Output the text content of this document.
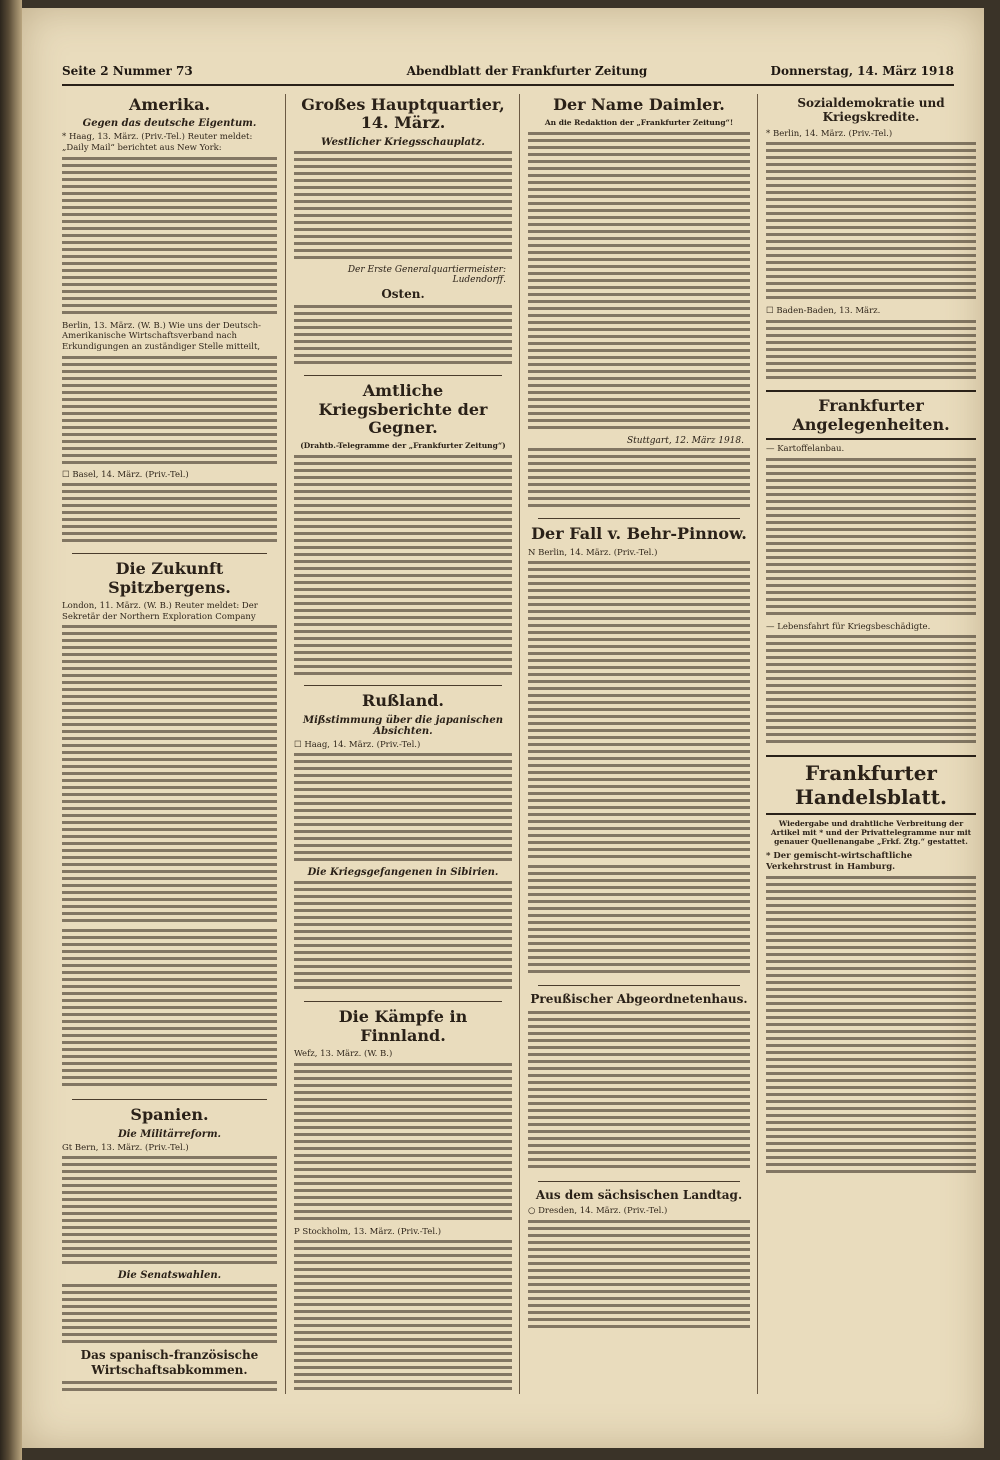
Seite 2 Nummer 73	Abendblatt der Frankfurter Zeitung	Donnerstag, 14. März 1918
Amerika.
Gegen das deutsche Eigentum.
* Haag, 13. März. (Priv.-Tel.) Reuter meldet: „Daily Mail“ berichtet aus New York:
Berlin, 13. März. (W. B.) Wie uns der Deutsch-Amerikanische Wirtschaftsverband nach Erkundigungen an zuständiger Stelle mitteilt,
☐ Basel, 14. März. (Priv.-Tel.)
Die Zukunft Spitzbergens.
London, 11. März. (W. B.) Reuter meldet: Der Sekretär der Northern Exploration Company
Spanien.
Die Militärreform.
Gt Bern, 13. März. (Priv.-Tel.)
Die Senatswahlen.
Das spanisch-französische Wirtschaftsabkommen.
Großes Hauptquartier, 14. März.
Westlicher Kriegsschauplatz.
Der Erste Generalquartiermeister: Ludendorff.
Osten.
Amtliche Kriegsberichte der Gegner.
(Drahtb.-Telegramme der „Frankfurter Zeitung“)
Rußland.
Mißstimmung über die japanischen Absichten.
☐ Haag, 14. März. (Priv.-Tel.)
Die Kriegsgefangenen in Sibirien.
Die Kämpfe in Finnland.
Wefz, 13. März. (W. B.)
P Stockholm, 13. März. (Priv.-Tel.)
Der Name Daimler.
An die Redaktion der „Frankfurter Zeitung“!
Stuttgart, 12. März 1918.
Der Fall v. Behr-Pinnow.
N Berlin, 14. März. (Priv.-Tel.)
Preußischer Abgeordnetenhaus.
Aus dem sächsischen Landtag.
○ Dresden, 14. März. (Priv.-Tel.)
Sozialdemokratie und Kriegskredite.
* Berlin, 14. März. (Priv.-Tel.)
☐ Baden-Baden, 13. März.
Frankfurter Angelegenheiten.
— Kartoffelanbau.
— Lebensfahrt für Kriegsbeschädigte.
Frankfurter Handelsblatt.
Wiedergabe und drahtliche Verbreitung der Artikel mit * und der Privattelegramme nur mit genauer Quellenangabe „Frkf. Ztg.“ gestattet.
* Der gemischt-wirtschaftliche Verkehrstrust in Hamburg.
